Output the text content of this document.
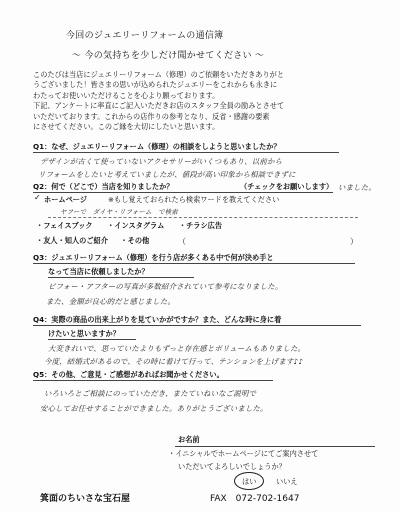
今回のジュエリーリフォームの通信簿
〜 今の気持ちを少しだけ聞かせてください 〜
このたびは当店にジュエリーリフォーム（修理）のご依頼をいただきありがと
うございました！皆さまの思いが込められたジュエリーをこれからも永きに
わたってお使いいただけることを心より願っております。
下記、アンケートに率直にご記入いただきお店のスタッフ全員の励みとさせて
いただいております。これからの店作りの参考となり、反省・感謝の要素
にさせてください。このご縁を大切にしたいと思います。
Q1：なぜ、ジュエリーリフォーム（修理）の相談をしようと思いましたか？
デザインが古くて使っていないアクセサリーがいくつもあり、以前から
リフォームをしたいと考えていましたが、値段が高い印象から相談できずに
いました。
Q2：何で（どこで）当店を知りましたか？	（チェックをお願いします）
✓ ホームページ	※もし覚えておられたら検索ワードを教えてください
ヤフーで　ダイヤ・リフォーム　で検索
・フェイスブック ・インスタグラム ・チラシ広告
・友人・知人のご紹介 ・その他	（	）
Q3：ジュエリーリフォーム（修理）を行う店が多くある中で何が決め手と
なって当店に依頼しましたか？
ビフォー・アフターの写真が多数紹介されていて参考になりました。
また、金額が良心的だと感じました。
Q4：実際の商品の出来上がりを見ていかがですか？また、どんな時に身に着
けたいと思いますか？
大変きれいで、思っていたよりもずっと存在感とボリュームもありました。
今度、結婚式があるので、その時に着けて行って、テンションを上げます♪♪
Q5：その他、ご意見・ご感想があればお聞かせください。
いろいろとご相談にのっていただき、またていねいなご説明で
安心してお任せすることができました。ありがとうございました。
お名前
・イニシャルでホームページにてご案内させて
いただいてよろしいでしょうか？
はい	いいえ
箕面のちいさな宝石屋	FAX　072-702-1647
